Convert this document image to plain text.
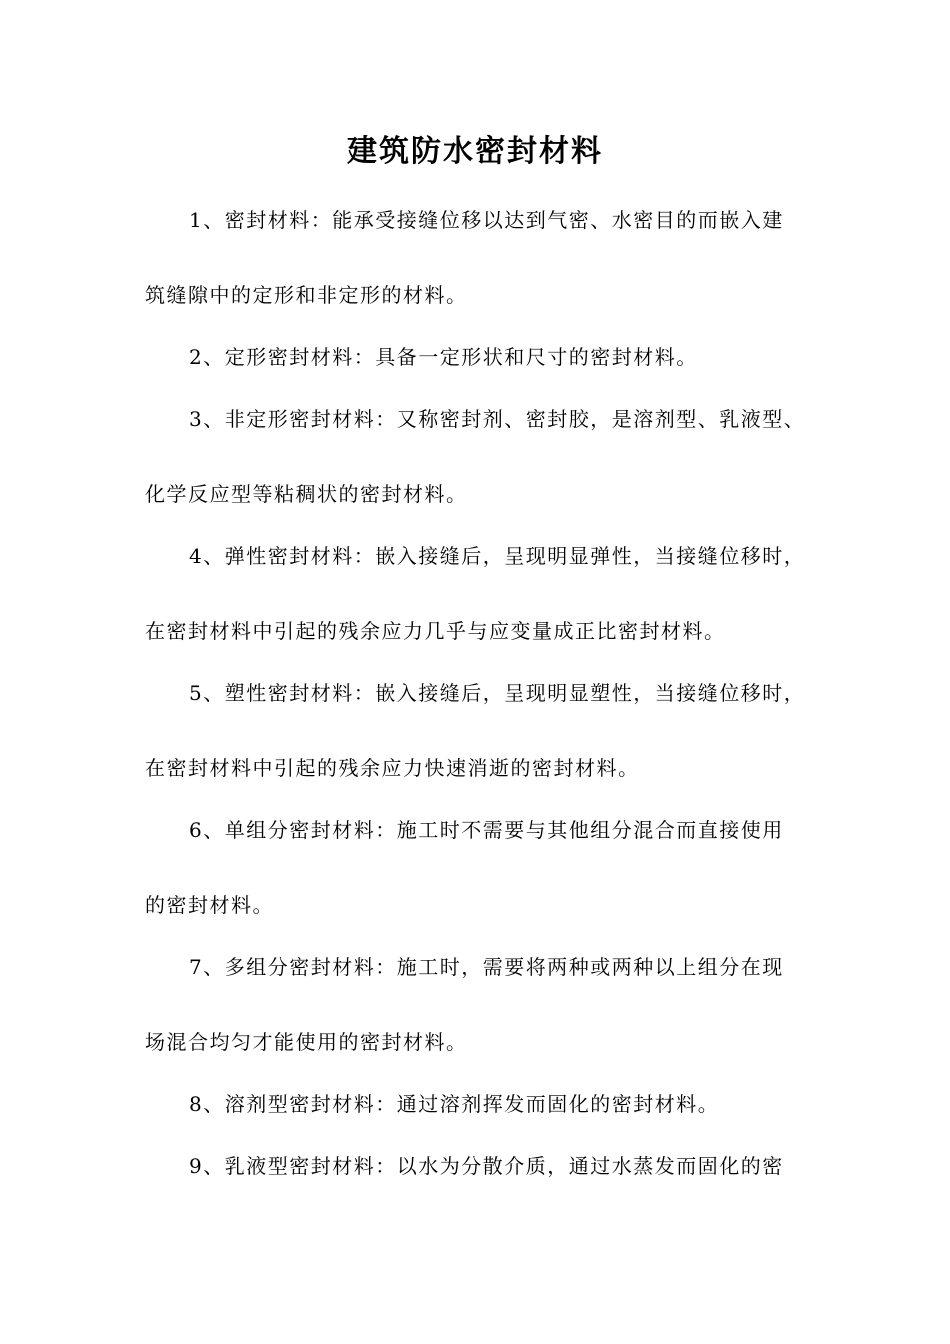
建筑防水密封材料

1、密封材料：能承受接缝位移以达到气密、水密目的而嵌入建

筑缝隙中的定形和非定形的材料。

2、定形密封材料：具备一定形状和尺寸的密封材料。

3、非定形密封材料：又称密封剂、密封胶，是溶剂型、乳液型、

化学反应型等粘稠状的密封材料。

4、弹性密封材料：嵌入接缝后，呈现明显弹性，当接缝位移时，

在密封材料中引起的残余应力几乎与应变量成正比密封材料。

5、塑性密封材料：嵌入接缝后，呈现明显塑性，当接缝位移时，

在密封材料中引起的残余应力快速消逝的密封材料。

6、单组分密封材料：施工时不需要与其他组分混合而直接使用

的密封材料。

7、多组分密封材料：施工时，需要将两种或两种以上组分在现

场混合均匀才能使用的密封材料。

8、溶剂型密封材料：通过溶剂挥发而固化的密封材料。

9、乳液型密封材料：以水为分散介质，通过水蒸发而固化的密
